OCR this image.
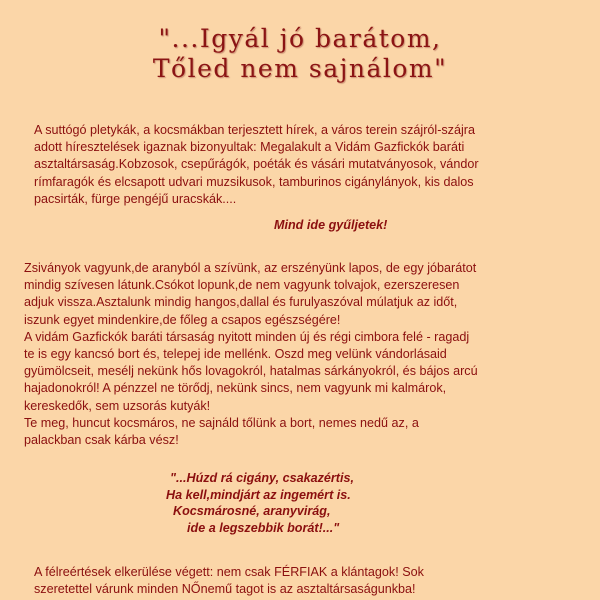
"...Igyál jó barátom,
Tőled nem sajnálom"
A suttógó pletykák, a kocsmákban terjesztett hírek, a város terein szájról-szájra
adott híresztelések igaznak bizonyultak: Megalakult a Vidám Gazfickók baráti
asztaltársaság.Kobzosok, csepűrágók, poéták és vásári mutatványosok, vándor
rímfaragók és elcsapott udvari muzsikusok, tamburinos cigánylányok, kis dalos
pacsirták, fürge pengéjű uracskák....
Mind ide gyűljetek!
Zsiványok vagyunk,de aranyból a szívünk, az erszényünk lapos, de egy jóbarátot
mindig szívesen látunk.Csókot lopunk,de nem vagyunk tolvajok, ezerszeresen
adjuk vissza.Asztalunk mindig hangos,dallal és furulyaszóval múlatjuk az időt,
iszunk egyet mindenkire,de főleg a csapos egészségére!
A vidám Gazfickók baráti társaság nyitott minden új és régi cimbora felé - ragadj
te is egy kancsó bort és, telepej ide mellénk. Oszd meg velünk vándorlásaid
gyümölcseit, mesélj nekünk hős lovagokról, hatalmas sárkányokról, és bájos arcú
hajadonokról! A pénzzel ne törődj, nekünk sincs, nem vagyunk mi kalmárok,
kereskedők, sem uzsorás kutyák!
Te meg, huncut kocsmáros, ne sajnáld tőlünk a bort, nemes nedű az, a
palackban csak kárba vész!
"...Húzd rá cigány, csakazértis,
Ha kell,mindjárt az ingemért is.
Kocsmárosné, aranyvirág,
ide a legszebbik borát!..."
A félreértések elkerülése végett: nem csak FÉRFIAK a klántagok! Sok
szeretettel várunk minden NŐnemű tagot is az asztaltársaságunkba!
